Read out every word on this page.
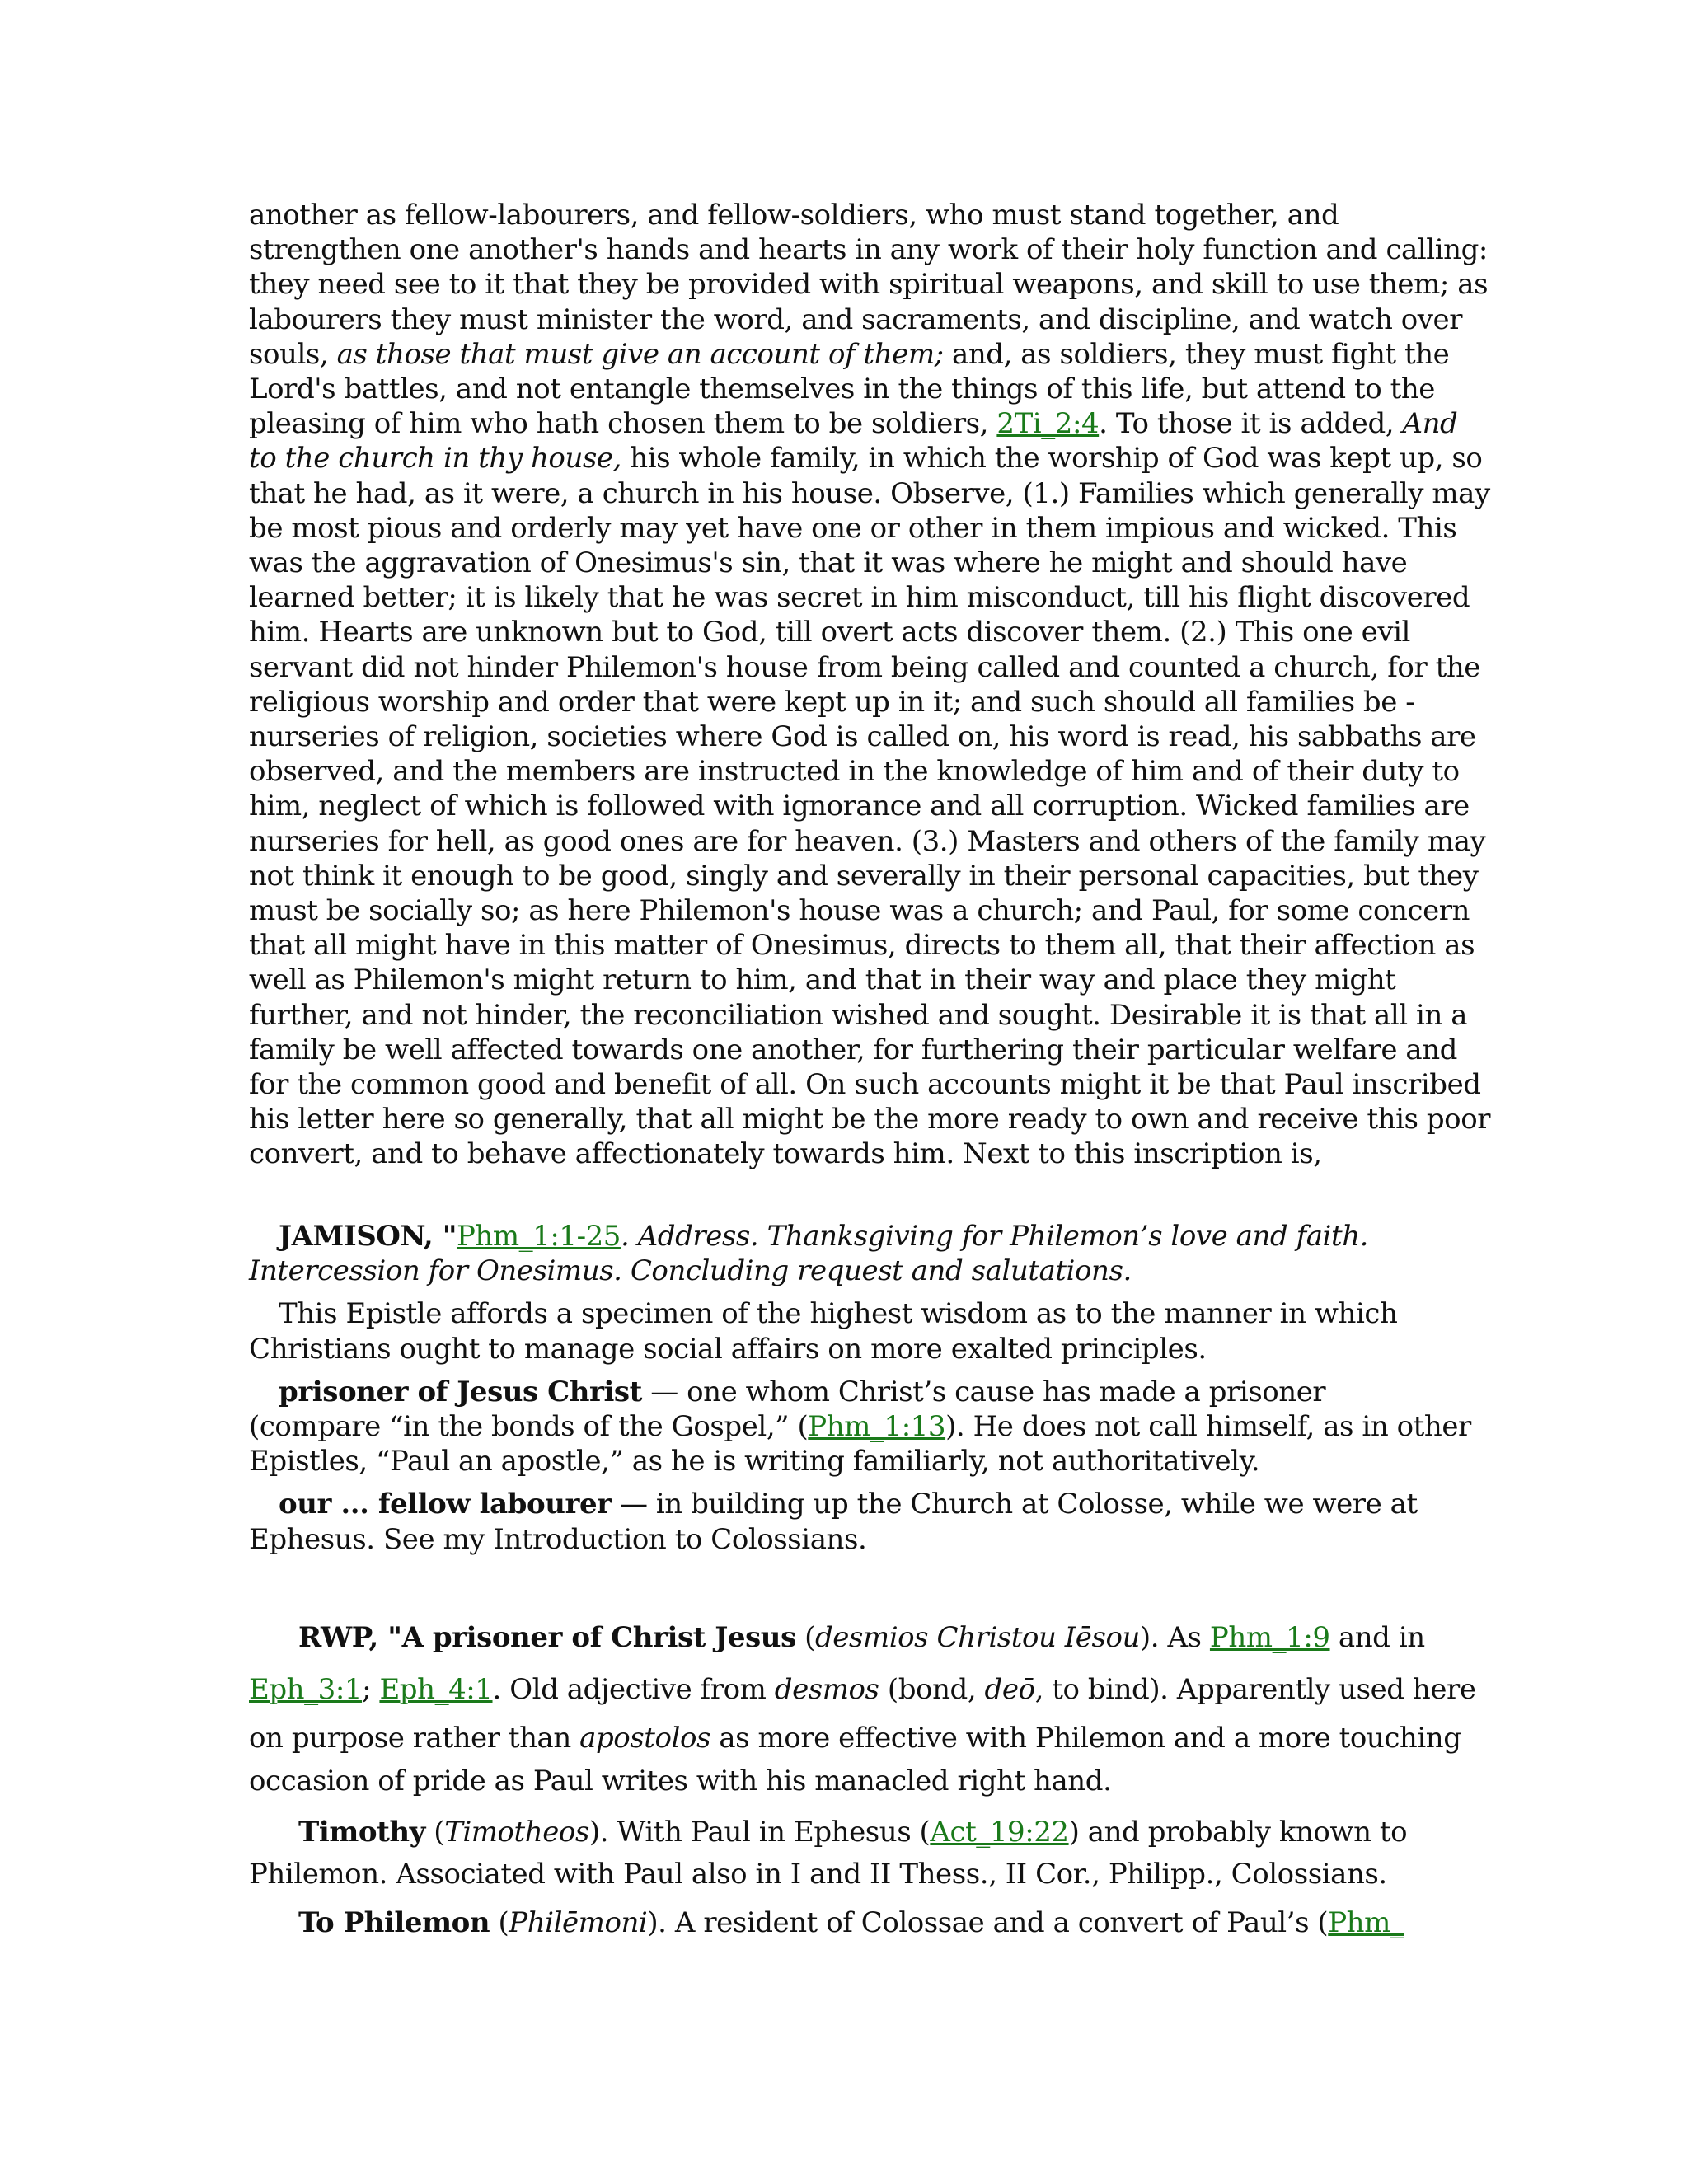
another as fellow-labourers, and fellow-soldiers, who must stand together, and
strengthen one another's hands and hearts in any work of their holy function and calling:
they need see to it that they be provided with spiritual weapons, and skill to use them; as
labourers they must minister the word, and sacraments, and discipline, and watch over
souls, as those that must give an account of them; and, as soldiers, they must fight the
Lord's battles, and not entangle themselves in the things of this life, but attend to the
pleasing of him who hath chosen them to be soldiers, 2Ti_2:4. To those it is added, And
to the church in thy house, his whole family, in which the worship of God was kept up, so
that he had, as it were, a church in his house. Observe, (1.) Families which generally may
be most pious and orderly may yet have one or other in them impious and wicked. This
was the aggravation of Onesimus's sin, that it was where he might and should have
learned better; it is likely that he was secret in him misconduct, till his flight discovered
him. Hearts are unknown but to God, till overt acts discover them. (2.) This one evil
servant did not hinder Philemon's house from being called and counted a church, for the
religious worship and order that were kept up in it; and such should all families be -
nurseries of religion, societies where God is called on, his word is read, his sabbaths are
observed, and the members are instructed in the knowledge of him and of their duty to
him, neglect of which is followed with ignorance and all corruption. Wicked families are
nurseries for hell, as good ones are for heaven. (3.) Masters and others of the family may
not think it enough to be good, singly and severally in their personal capacities, but they
must be socially so; as here Philemon's house was a church; and Paul, for some concern
that all might have in this matter of Onesimus, directs to them all, that their affection as
well as Philemon's might return to him, and that in their way and place they might
further, and not hinder, the reconciliation wished and sought. Desirable it is that all in a
family be well affected towards one another, for furthering their particular welfare and
for the common good and benefit of all. On such accounts might it be that Paul inscribed
his letter here so generally, that all might be the more ready to own and receive this poor
convert, and to behave affectionately towards him. Next to this inscription is,
JAMISON, "Phm_1:1-25. Address. Thanksgiving for Philemon’s love and faith.
Intercession for Onesimus. Concluding request and salutations.
This Epistle affords a specimen of the highest wisdom as to the manner in which
Christians ought to manage social affairs on more exalted principles.
prisoner of Jesus Christ — one whom Christ’s cause has made a prisoner
(compare “in the bonds of the Gospel,” (Phm_1:13). He does not call himself, as in other
Epistles, “Paul an apostle,” as he is writing familiarly, not authoritatively.
our ... fellow labourer — in building up the Church at Colosse, while we were at
Ephesus. See my Introduction to Colossians.
RWP, "A prisoner of Christ Jesus (desmios Christou Iēsou). As Phm_1:9 and in
Eph_3:1; Eph_4:1. Old adjective from desmos (bond, deō, to bind). Apparently used here
on purpose rather than apostolos as more effective with Philemon and a more touching
occasion of pride as Paul writes with his manacled right hand.
Timothy (Timotheos). With Paul in Ephesus (Act_19:22) and probably known to
Philemon. Associated with Paul also in I and II Thess., II Cor., Philipp., Colossians.
To Philemon (Philēmoni). A resident of Colossae and a convert of Paul’s (Phm_
